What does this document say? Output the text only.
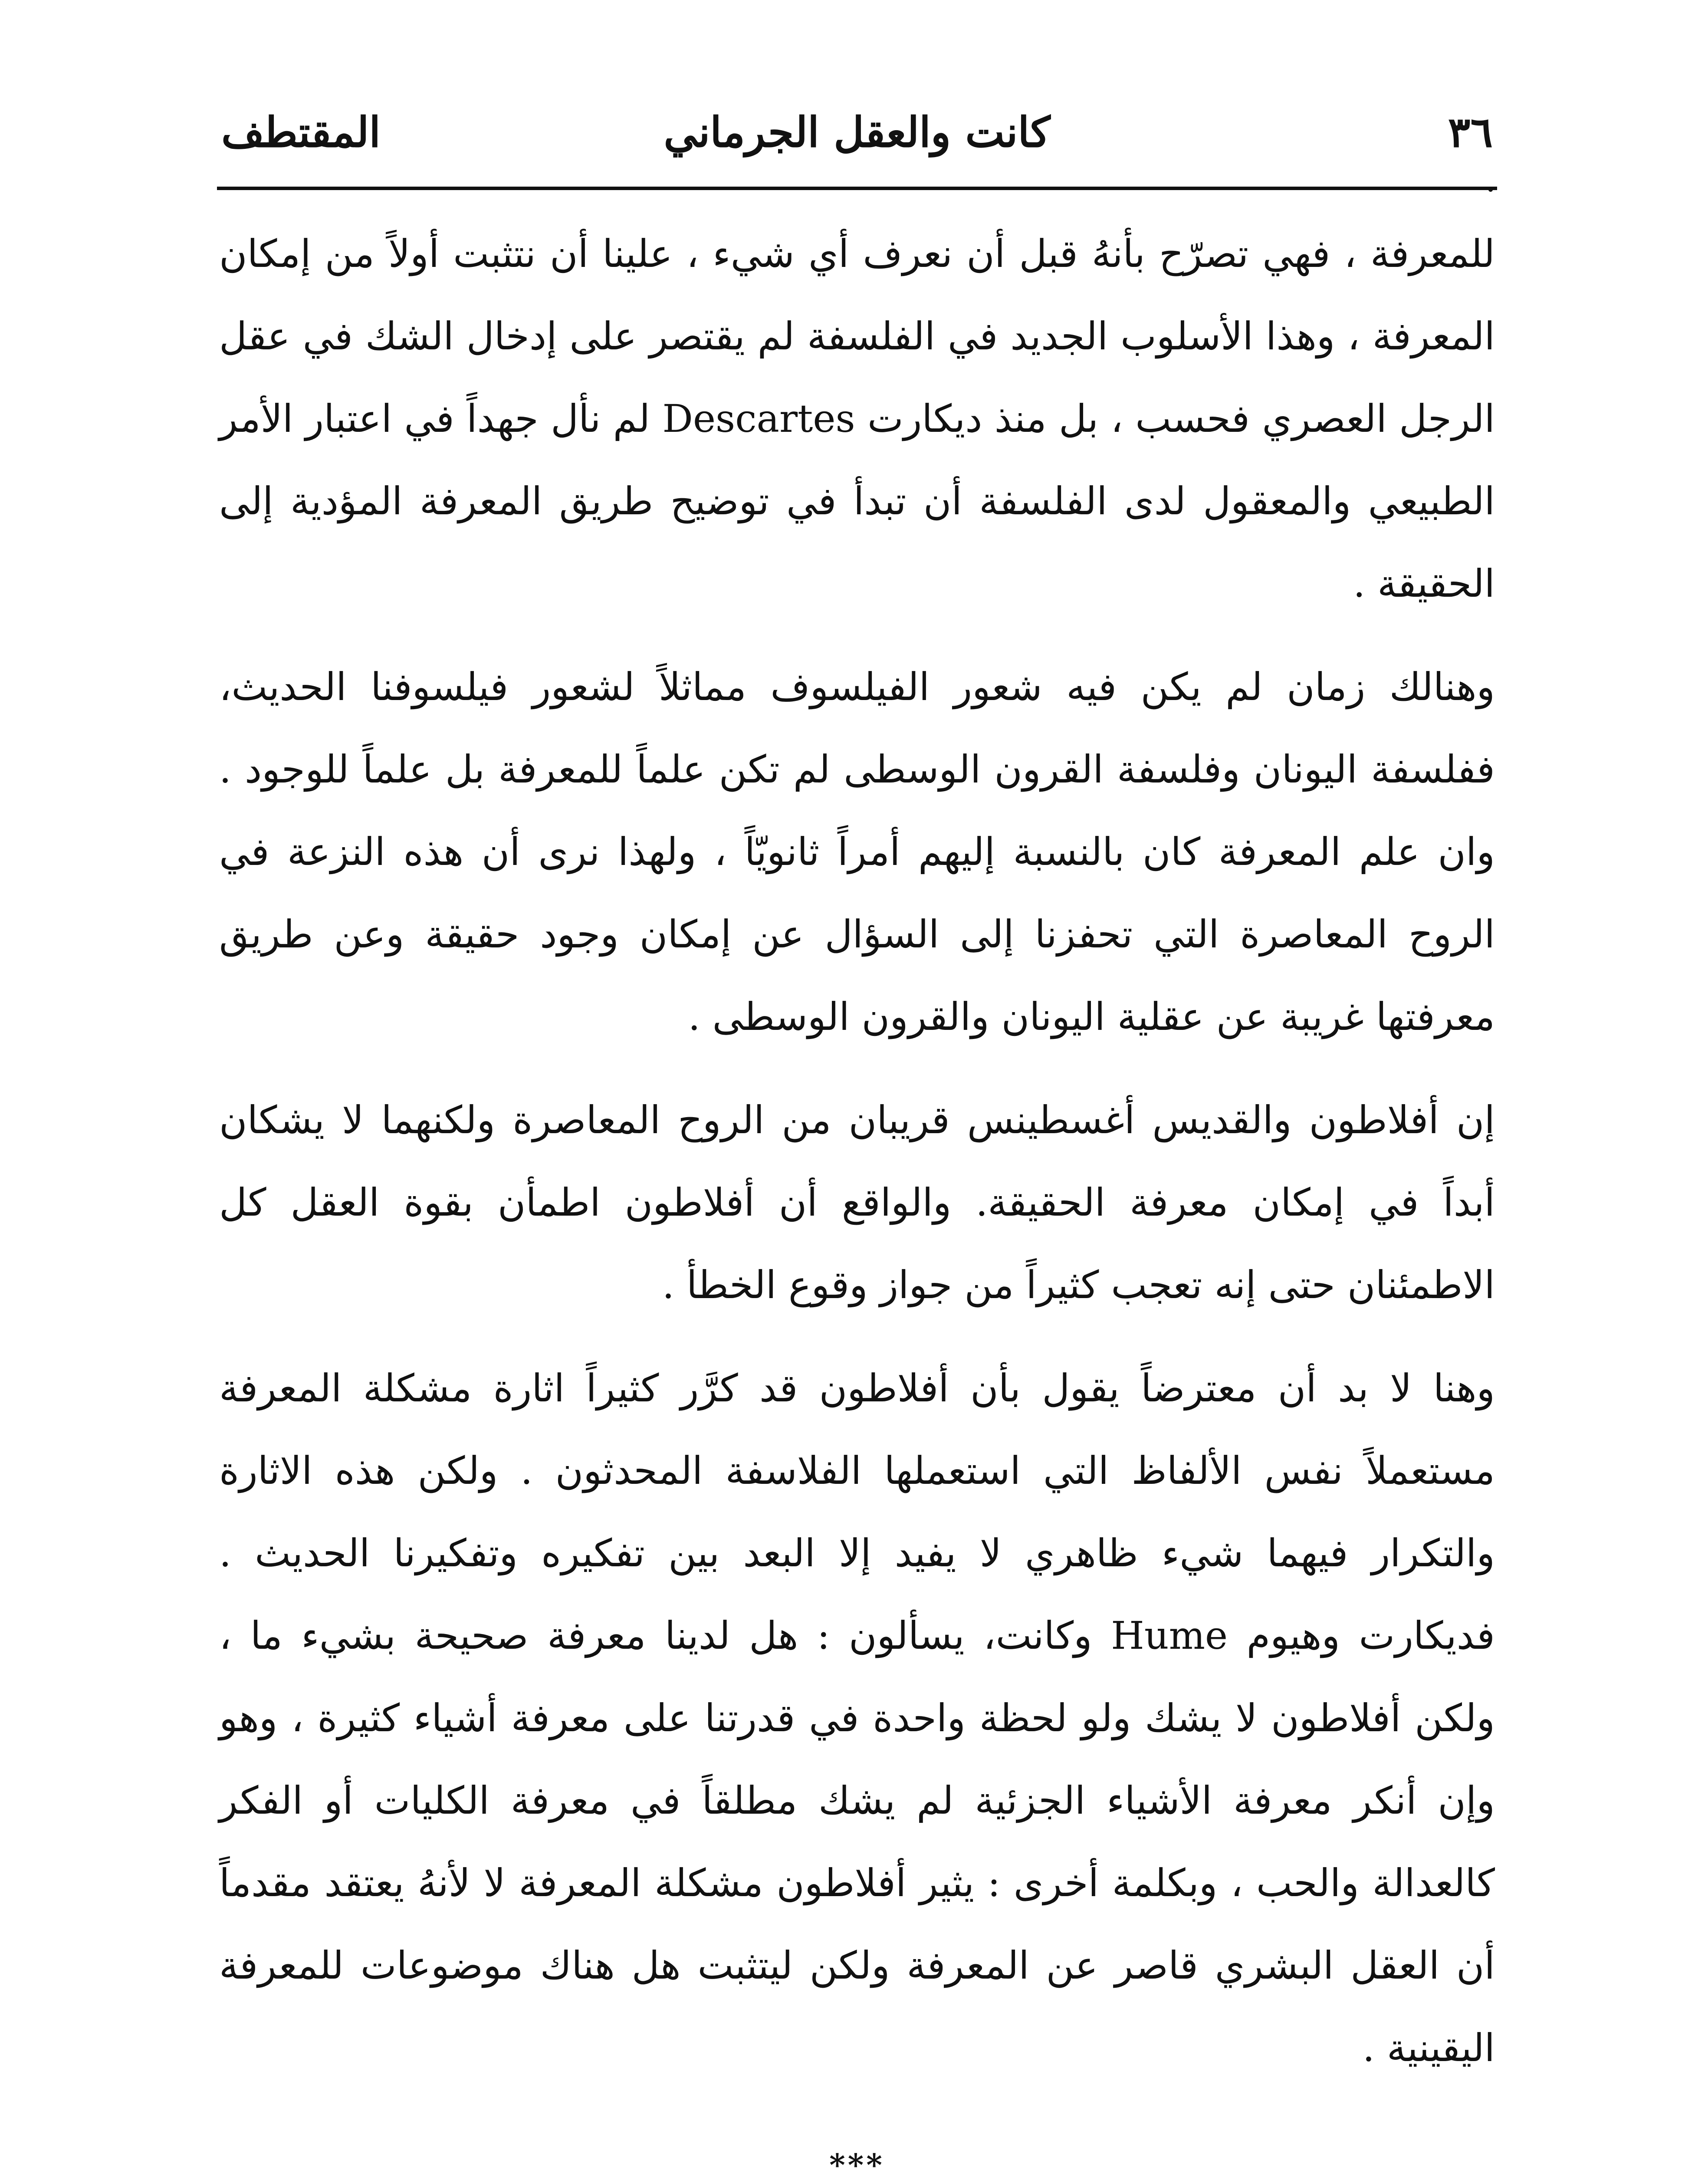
٣٦
كانت والعقل الجرماني
المقتطف

للمعرفة ، فهي تصرّح بأنهُ قبل أن نعرف أي شيء ، علينا أن نتثبت أولاً من إمكان المعرفة ، وهذا الأسلوب الجديد في الفلسفة لم يقتصر على إدخال الشك في عقل الرجل العصري فحسب ، بل منذ ديكارت Descartes لم نأل جهداً في اعتبار الأمر الطبيعي والمعقول لدى الفلسفة أن تبدأ في توضيح طريق المعرفة المؤدية إلى الحقيقة .

وهنالك زمان لم يكن فيه شعور الفيلسوف مماثلاً لشعور فيلسوفنا الحديث، ففلسفة اليونان وفلسفة القرون الوسطى لم تكن علماً للمعرفة بل علماً للوجود . وان علم المعرفة كان بالنسبة إليهم أمراً ثانويّاً ، ولهذا نرى أن هذه النزعة في الروح المعاصرة التي تحفزنا إلى السؤال عن إمكان وجود حقيقة وعن طريق معرفتها غريبة عن عقلية اليونان والقرون الوسطى .

إن أفلاطون والقديس أغسطينس قريبان من الروح المعاصرة ولكنهما لا يشكان أبداً في إمكان معرفة الحقيقة. والواقع أن أفلاطون اطمأن بقوة العقل كل الاطمئنان حتى إنه تعجب كثيراً من جواز وقوع الخطأ .

وهنا لا بد أن معترضاً يقول بأن أفلاطون قد كرَّر كثيراً اثارة مشكلة المعرفة مستعملاً نفس الألفاظ التي استعملها الفلاسفة المحدثون . ولكن هذه الاثارة والتكرار فيهما شيء ظاهري لا يفيد إلا البعد بين تفكيره وتفكيرنا الحديث . فديكارت وهيوم Hume وكانت، يسألون : هل لدينا معرفة صحيحة بشيء ما ، ولكن أفلاطون لا يشك ولو لحظة واحدة في قدرتنا على معرفة أشياء كثيرة ، وهو وإن أنكر معرفة الأشياء الجزئية لم يشك مطلقاً في معرفة الكليات أو الفكر كالعدالة والحب ، وبكلمة أخرى : يثير أفلاطون مشكلة المعرفة لا لأنهُ يعتقد مقدماً أن العقل البشري قاصر عن المعرفة ولكن ليتثبت هل هناك موضوعات للمعرفة اليقينية .

***
